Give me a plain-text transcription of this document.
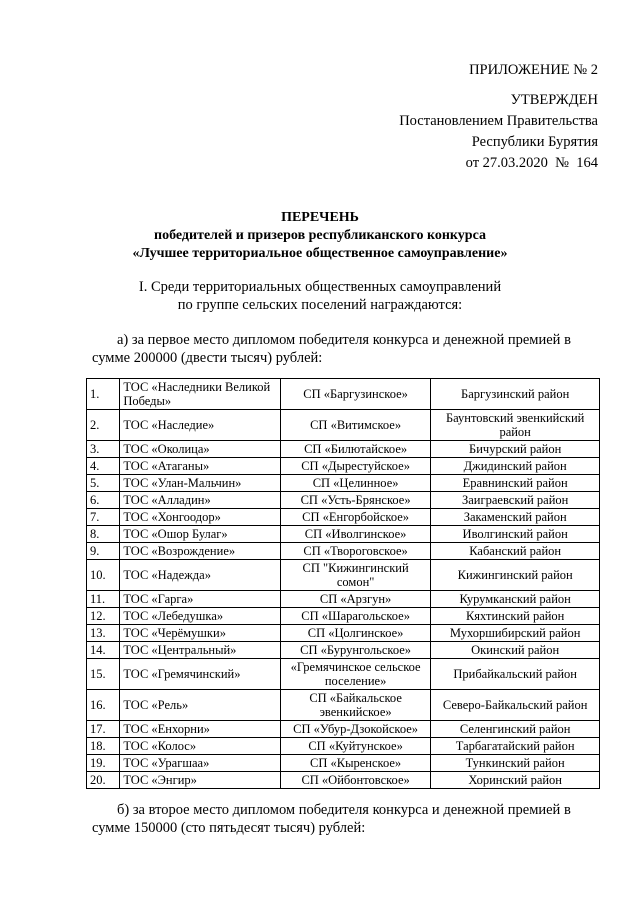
ПРИЛОЖЕНИЕ № 2
УТВЕРЖДЕН
Постановлением Правительства
Республики Бурятия
от 27.03.2020  №  164
ПЕРЕЧЕНЬ
победителей и призеров республиканского конкурса
«Лучшее территориальное общественное самоуправление»
I. Среди территориальных общественных самоуправлений
по группе сельских поселений награждаются:
а) за первое место дипломом победителя конкурса и денежной премией в сумме 200000 (двести тысяч) рублей:
1.	ТОС «Наследники Великой Победы»	СП «Баргузинское»	Баргузинский район
2.	ТОС «Наследие»	СП «Витимское»	Баунтовский эвенкийский район
3.	ТОС «Околица»	СП «Билютайское»	Бичурский район
4.	ТОС «Атаганы»	СП «Дырестуйское»	Джидинский район
5.	ТОС «Улан-Мальчин»	СП «Целинное»	Еравнинский район
6.	ТОС «Алладин»	СП «Усть-Брянское»	Заиграевский район
7.	ТОС «Хонгоодор»	СП «Енгорбойское»	Закаменский район
8.	ТОС «Ошор Булаг»	СП «Иволгинское»	Иволгинский район
9.	ТОС «Возрождение»	СП «Твороговское»	Кабанский район
10.	ТОС «Надежда»	СП "Кижингинский сомон"	Кижингинский район
11.	ТОС «Гарга»	СП «Арзгун»	Курумканский район
12.	ТОС «Лебедушка»	СП «Шарагольское»	Кяхтинский район
13.	ТОС «Черёмушки»	СП «Цолгинское»	Мухоршибирский район
14.	ТОС «Центральный»	СП «Бурунгольское»	Окинский район
15.	ТОС «Гремячинский»	«Гремячинское сельское поселение»	Прибайкальский район
16.	ТОС «Рель»	СП «Байкальское эвенкийское»	Северо-Байкальский район
17.	ТОС «Енхорни»	СП «Убур-Дзокойское»	Селенгинский район
18.	ТОС «Колос»	СП «Куйтунское»	Тарбагатайский район
19.	ТОС «Урагшаа»	СП «Кыренское»	Тункинский район
20.	ТОС «Энгир»	СП «Ойбонтовское»	Хоринский район
б) за второе место дипломом победителя конкурса и денежной премией в сумме 150000 (сто пятьдесят тысяч) рублей:
